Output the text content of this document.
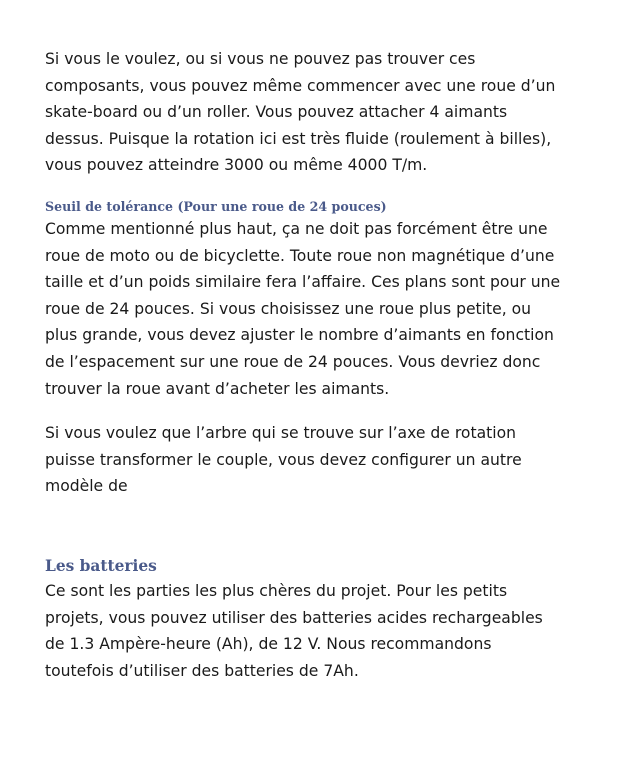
Si vous le voulez, ou si vous ne pouvez pas trouver ces
composants, vous pouvez même commencer avec une roue d’un
skate-board ou d’un roller. Vous pouvez attacher 4 aimants
dessus. Puisque la rotation ici est très fluide (roulement à billes),
vous pouvez atteindre 3000 ou même 4000 T/m.

Seuil de tolérance (Pour une roue de 24 pouces)

Comme mentionné plus haut, ça ne doit pas forcément être une
roue de moto ou de bicyclette. Toute roue non magnétique d’une
taille et d’un poids similaire fera l’affaire. Ces plans sont pour une
roue de 24 pouces. Si vous choisissez une roue plus petite, ou
plus grande, vous devez ajuster le nombre d’aimants en fonction
de l’espacement sur une roue de 24 pouces. Vous devriez donc
trouver la roue avant d’acheter les aimants.

Si vous voulez que l’arbre qui se trouve sur l’axe de rotation
puisse transformer le couple, vous devez configurer un autre
modèle de

Les batteries

Ce sont les parties les plus chères du projet. Pour les petits
projets, vous pouvez utiliser des batteries acides rechargeables
de 1.3 Ampère-heure (Ah), de 12 V. Nous recommandons
toutefois d’utiliser des batteries de 7Ah.
